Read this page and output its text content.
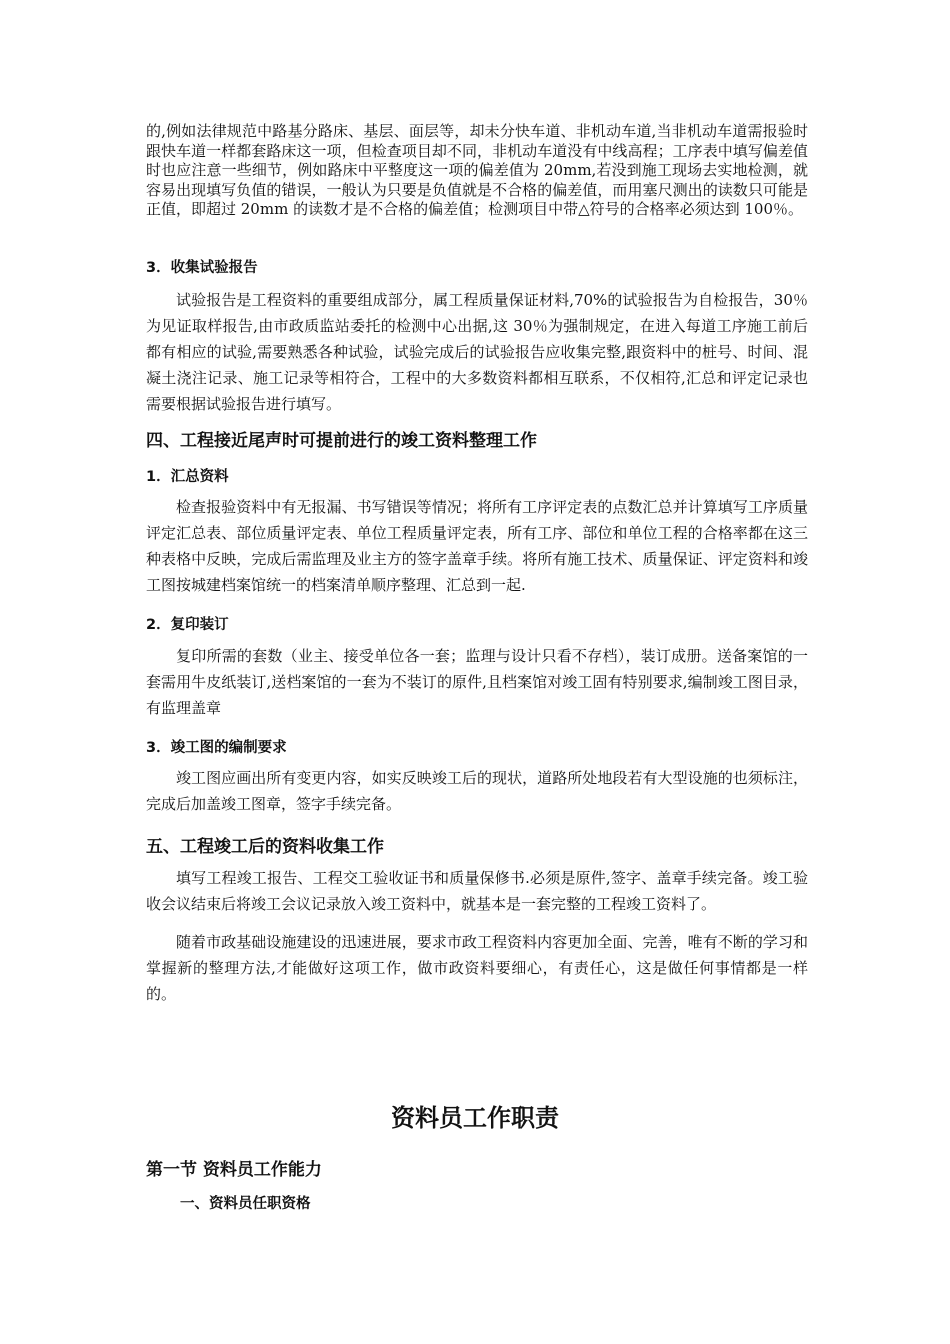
的,例如法律规范中路基分路床、基层、面层等，却未分快车道、非机动车道,当非机动车道需报验时跟快车道一样都套路床这一项，但检查项目却不同，非机动车道没有中线高程；工序表中填写偏差值时也应注意一些细节，例如路床中平整度这一项的偏差值为 20mm,若没到施工现场去实地检测，就容易出现填写负值的错误，一般认为只要是负值就是不合格的偏差值，而用塞尺测出的读数只可能是正值，即超过 20mm 的读数才是不合格的偏差值；检测项目中带△符号的合格率必须达到 100％。

3．收集试验报告

试验报告是工程资料的重要组成部分，属工程质量保证材料,70%的试验报告为自检报告，30％为见证取样报告,由市政质监站委托的检测中心出据,这 30％为强制规定，在进入每道工序施工前后都有相应的试验,需要熟悉各种试验，试验完成后的试验报告应收集完整,跟资料中的桩号、时间、混凝土浇注记录、施工记录等相符合，工程中的大多数资料都相互联系，不仅相符,汇总和评定记录也需要根据试验报告进行填写。

四、工程接近尾声时可提前进行的竣工资料整理工作
1．汇总资料

检查报验资料中有无报漏、书写错误等情况；将所有工序评定表的点数汇总并计算填写工序质量评定汇总表、部位质量评定表、单位工程质量评定表，所有工序、部位和单位工程的合格率都在这三种表格中反映，完成后需监理及业主方的签字盖章手续。将所有施工技术、质量保证、评定资料和竣工图按城建档案馆统一的档案清单顺序整理、汇总到一起.

2．复印装订

复印所需的套数（业主、接受单位各一套；监理与设计只看不存档），装订成册。送备案馆的一套需用牛皮纸装订,送档案馆的一套为不装订的原件,且档案馆对竣工固有特别要求,编制竣工图目录，有监理盖章

3．竣工图的编制要求

竣工图应画出所有变更内容，如实反映竣工后的现状，道路所处地段若有大型设施的也须标注，完成后加盖竣工图章，签字手续完备。

五、工程竣工后的资料收集工作

填写工程竣工报告、工程交工验收证书和质量保修书.必须是原件,签字、盖章手续完备。竣工验收会议结束后将竣工会议记录放入竣工资料中，就基本是一套完整的工程竣工资料了。

随着市政基础设施建设的迅速进展，要求市政工程资料内容更加全面、完善，唯有不断的学习和掌握新的整理方法,才能做好这项工作，做市政资料要细心，有责任心，这是做任何事情都是一样的。

资料员工作职责
第一节 资料员工作能力
一、资料员任职资格
